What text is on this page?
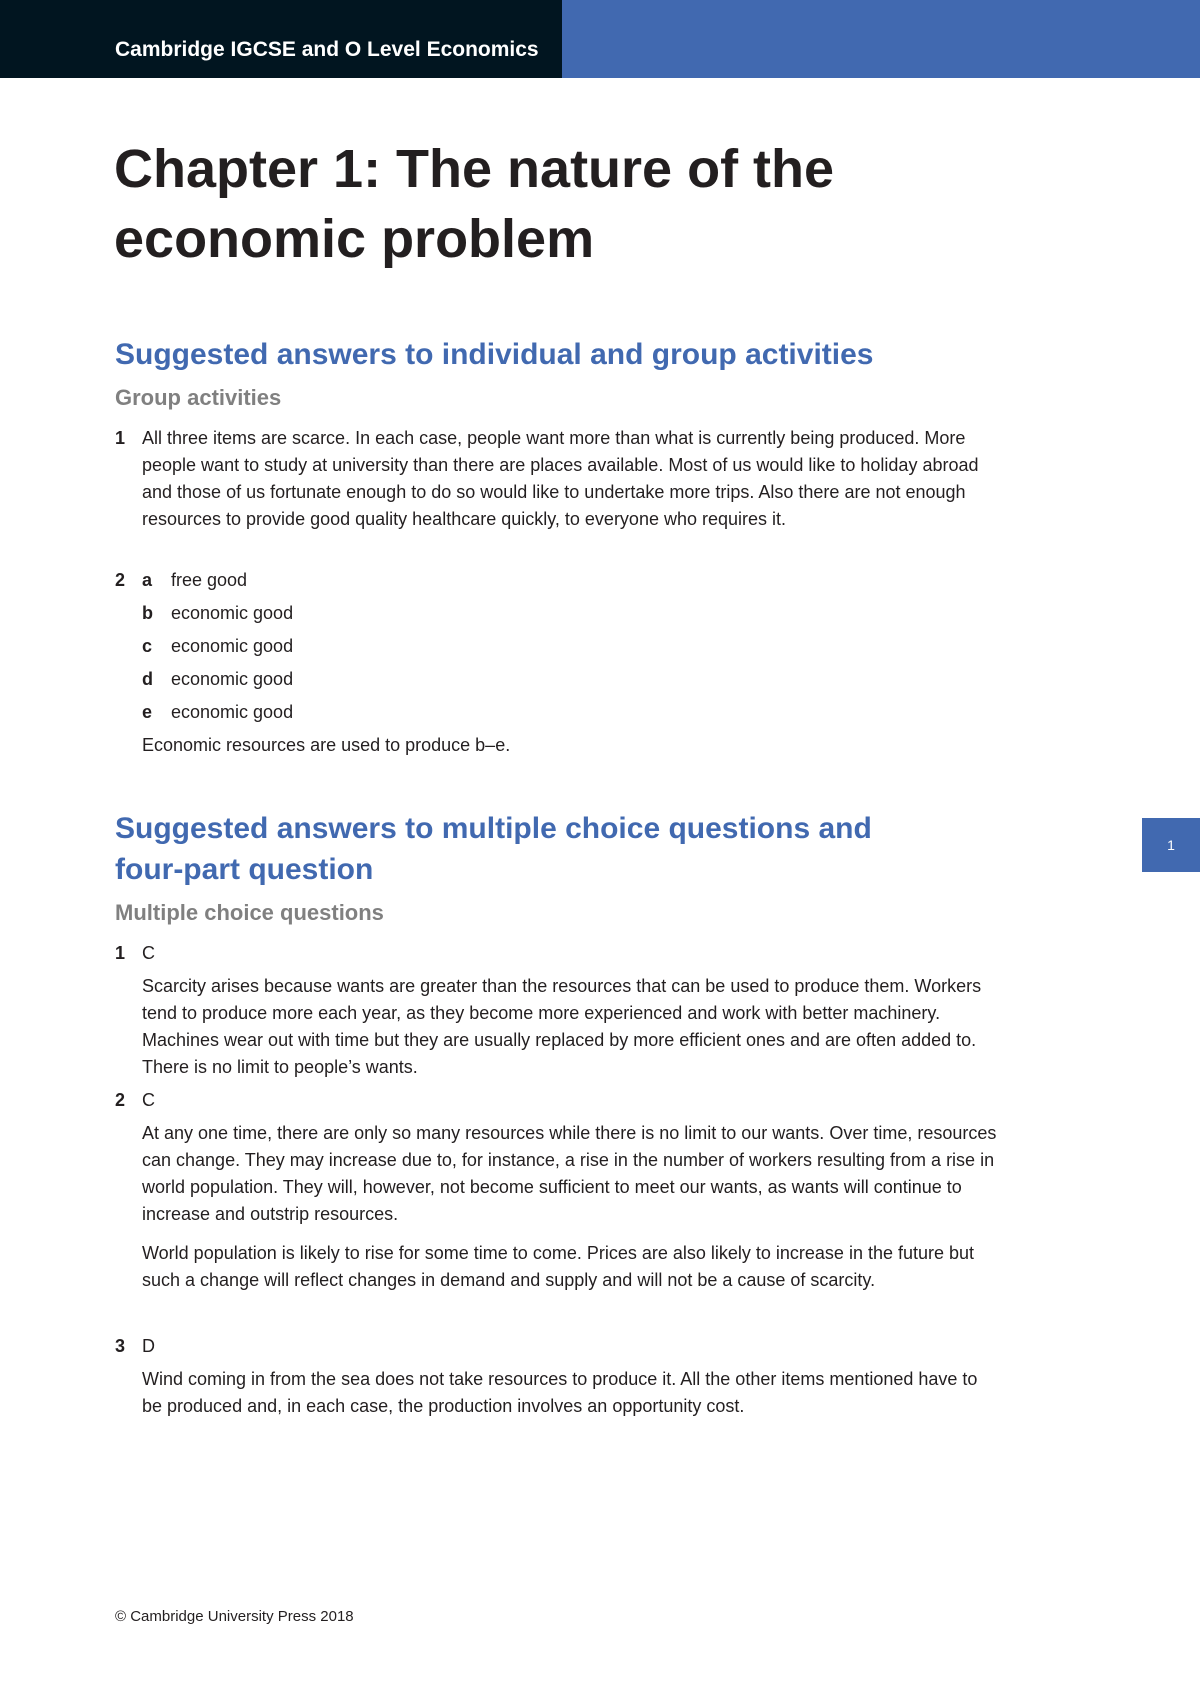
Cambridge IGCSE and O Level Economics
Chapter 1: The nature of the economic problem
Suggested answers to individual and group activities
Group activities
1 All three items are scarce. In each case, people want more than what is currently being produced. More people want to study at university than there are places available. Most of us would like to holiday abroad and those of us fortunate enough to do so would like to undertake more trips. Also there are not enough resources to provide good quality healthcare quickly, to everyone who requires it.

2 a free good
b economic good
c economic good
d economic good
e economic good

Economic resources are used to produce b–e.

Suggested answers to multiple choice questions and four-part question
Multiple choice questions
1 C

Scarcity arises because wants are greater than the resources that can be used to produce them. Workers tend to produce more each year, as they become more experienced and work with better machinery. Machines wear out with time but they are usually replaced by more efficient ones and are often added to. There is no limit to people’s wants.

2 C

At any one time, there are only so many resources while there is no limit to our wants. Over time, resources can change. They may increase due to, for instance, a rise in the number of workers resulting from a rise in world population. They will, however, not become sufficient to meet our wants, as wants will continue to increase and outstrip resources.

World population is likely to rise for some time to come. Prices are also likely to increase in the future but such a change will reflect changes in demand and supply and will not be a cause of scarcity.

3 D

Wind coming in from the sea does not take resources to produce it. All the other items mentioned have to be produced and, in each case, the production involves an opportunity cost.

1
© Cambridge University Press 2018
